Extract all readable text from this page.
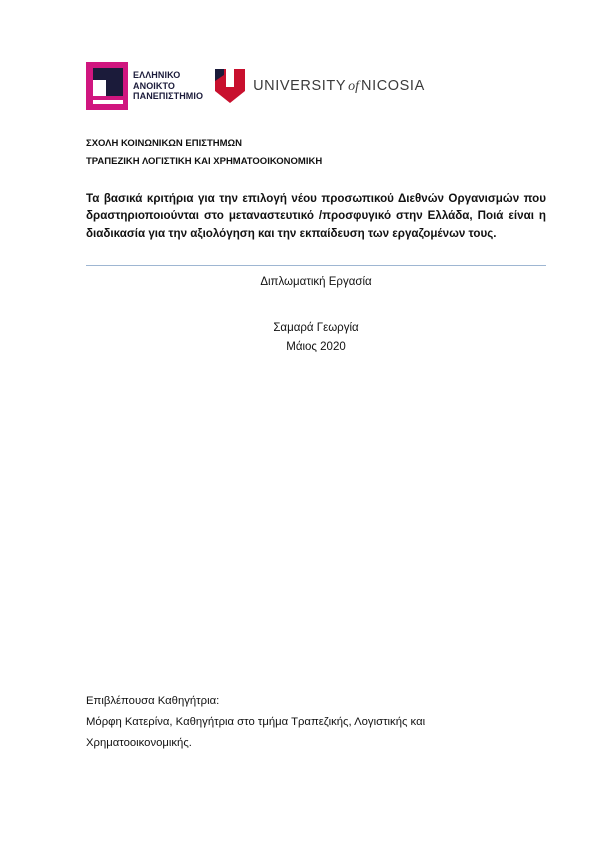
ΕΛΛΗΝΙΚΟ
ΑΝΟΙΚΤΟ
ΠΑΝΕΠΙΣΤΗΜΙΟ
UNIVERSITY of NICOSIA
ΣΧΟΛΗ ΚΟΙΝΩΝΙΚΩΝ ΕΠΙΣΤΗΜΩΝ
ΤΡΑΠΕΖΙΚΗ ΛΟΓΙΣΤΙΚΗ ΚΑΙ ΧΡΗΜΑΤΟΟΙΚΟΝΟΜΙΚΗ
Τα βασικά κριτήρια για την επιλογή νέου προσωπικού Διεθνών Οργανισμών που δραστηριοποιούνται στο μεταναστευτικό /προσφυγικό στην Ελλάδα, Ποιά είναι η διαδικασία για την αξιολόγηση και την εκπαίδευση των εργαζομένων τους.
Διπλωματική Εργασία
Σαμαρά Γεωργία
Μάιος 2020
Επιβλέπουσα Καθηγήτρια:
Μόρφη Κατερίνα, Καθηγήτρια στο τμήμα Τραπεζικής, Λογιστικής και
Χρηματοοικονομικής.
